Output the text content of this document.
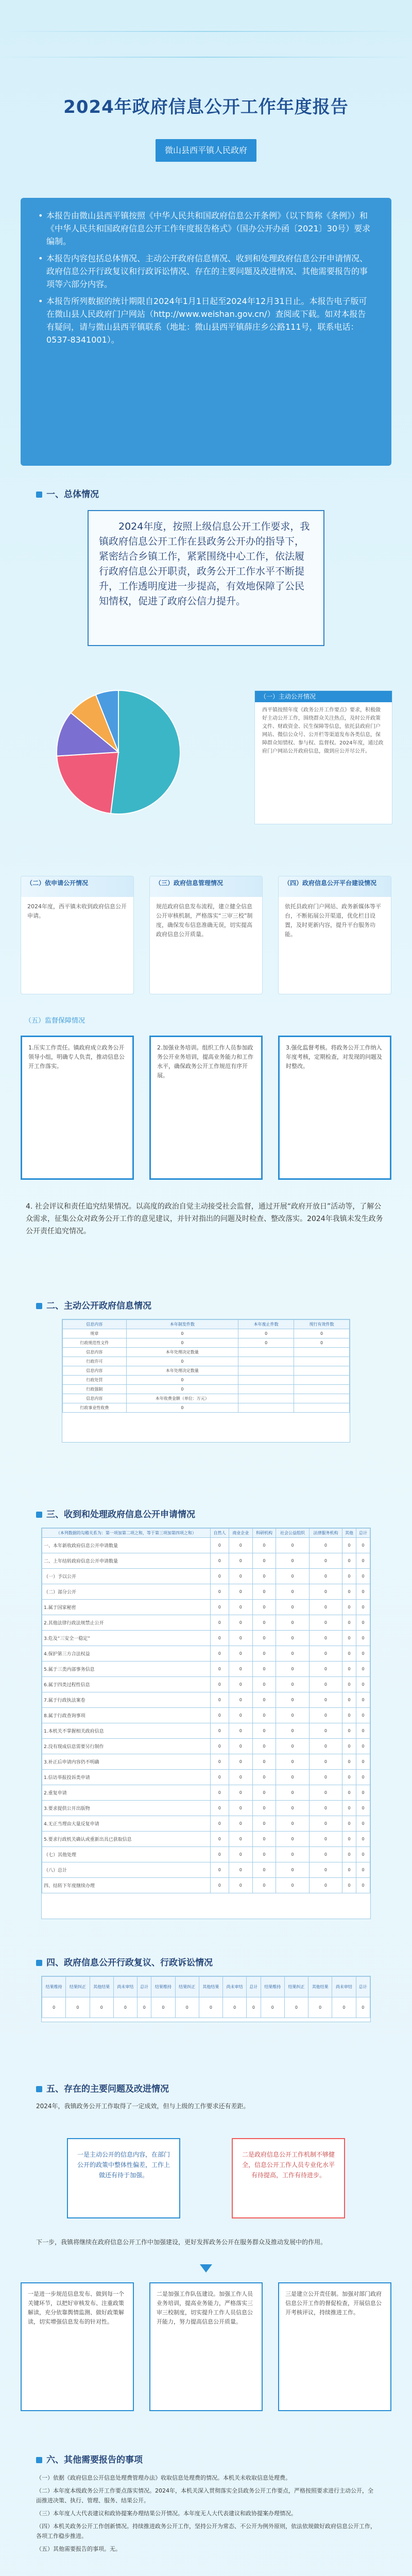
2024年政府信息公开工作年度报告
微山县西平镇人民政府
• 本报告由微山县西平镇按照《中华人民共和国政府信息公开条例》（以下简称《条例》）和《中华人民共和国政府信息公开工作年度报告格式》（国办公开办函〔2021〕30号）要求编制。
• 本报告内容包括总体情况、主动公开政府信息情况、收到和处理政府信息公开申请情况、政府信息公开行政复议和行政诉讼情况、存在的主要问题及改进情况、其他需要报告的事项等六部分内容。
• 本报告所列数据的统计期限自2024年1月1日起至2024年12月31日止。本报告电子版可在微山县人民政府门户网站（http://www.weishan.gov.cn/）查阅或下载。如对本报告有疑问，请与微山县西平镇联系（地址：微山县西平镇薛庄乡公路111号，联系电话：0537-8341001）。
一、总体情况
2024年度，按照上级信息公开工作要求，我镇政府信息公开工作在县政务公开办的指导下，紧密结合乡镇工作，紧紧围绕中心工作，依法履行政府信息公开职责，政务公开工作水平不断提升，工作透明度进一步提高，有效地保障了公民知情权，促进了政府公信力提升。
（一）主动公开情况
西平镇按照年度《政务公开工作要点》要求，积极做好主动公开工作，围绕群众关注热点，及时公开政策文件、财政资金、民生保障等信息，依托县政府门户网站、微信公众号、公开栏等渠道发布各类信息，保障群众知情权、参与权、监督权。2024年度，通过政府门户网站公开政府信息，做到应公开尽公开。
（二）依申请公开情况
2024年度，西平镇未收到政府信息公开申请。
（三）政府信息管理情况
规范政府信息发布流程，建立健全信息公开审核机制，严格落实“三审三校”制度，确保发布信息准确无误，切实提高政府信息公开质量。
（四）政府信息公开平台建设情况
依托县政府门户网站、政务新媒体等平台，不断拓展公开渠道，优化栏目设置，及时更新内容，提升平台服务功能。
（五）监督保障情况
1.压实工作责任。镇政府成立政务公开领导小组，明确专人负责，推动信息公开工作落实。
2.加强业务培训。组织工作人员参加政务公开业务培训，提高业务能力和工作水平，确保政务公开工作规范有序开展。
3.强化监督考核。将政务公开工作纳入年度考核，定期检查，对发现的问题及时整改。
4. 社会评议和责任追究结果情况。以高度的政治自觉主动接受社会监督，通过开展“政府开放日”活动等，了解公众需求，征集公众对政务公开工作的意见建议，并针对指出的问题及时检查、整改落实。2024年我镇未发生政务公开责任追究情况。
二、主动公开政府信息情况
信息内容	本年制发件数	本年废止件数	现行有效件数
规章	0	0	0
行政规范性文件	0	0	0
信息内容	本年处理决定数量		
行政许可	0		
信息内容	本年处理决定数量		
行政处罚	0		
行政强制	0		
信息内容	本年收费金额（单位：万元）		
行政事业性收费	0		
三、收到和处理政府信息公开申请情况
（本列数据的勾稽关系为：第一项加第二项之和，等于第三项加第四项之和）	自然人	商业企业	科研机构	社会公益组织	法律服务机构	其他	总计
一、本年新收政府信息公开申请数量	0	0	0	0	0	0	0
二、上年结转政府信息公开申请数量	0	0	0	0	0	0	0
（一）予以公开	0	0	0	0	0	0	0
（二）部分公开	0	0	0	0	0	0	0
1.属于国家秘密	0	0	0	0	0	0	0
2.其他法律行政法规禁止公开	0	0	0	0	0	0	0
3.危及“三安全一稳定”	0	0	0	0	0	0	0
4.保护第三方合法权益	0	0	0	0	0	0	0
5.属于三类内部事务信息	0	0	0	0	0	0	0
6.属于四类过程性信息	0	0	0	0	0	0	0
7.属于行政执法案卷	0	0	0	0	0	0	0
8.属于行政查询事项	0	0	0	0	0	0	0
1.本机关不掌握相关政府信息	0	0	0	0	0	0	0
2.没有现成信息需要另行制作	0	0	0	0	0	0	0
3.补正后申请内容仍不明确	0	0	0	0	0	0	0
1.信访举报投诉类申请	0	0	0	0	0	0	0
2.重复申请	0	0	0	0	0	0	0
3.要求提供公开出版物	0	0	0	0	0	0	0
4.无正当理由大量反复申请	0	0	0	0	0	0	0
5.要求行政机关确认或重新出具已获取信息	0	0	0	0	0	0	0
（七）其他处理	0	0	0	0	0	0	0
（八）总计	0	0	0	0	0	0	0
四、结转下年度继续办理	0	0	0	0	0	0	0
四、政府信息公开行政复议、行政诉讼情况
结果维持	结果纠正	其他结果	尚未审结	总计	结果维持	结果纠正	其他结果	尚未审结	总计	结果维持	结果纠正	其他结果	尚未审结	总计
0	0	0	0	0	0	0	0	0	0	0	0	0	0	0
五、存在的主要问题及改进情况
2024年，我镇政务公开工作取得了一定成效，但与上级的工作要求还有差距。
一是主动公开的信息内容，在部门公开的政策中整体性偏差，工作上做还有待于加强。
二是政府信息公开工作机制不够健全，信息公开工作人员专业化水平有待提高，工作有待进步。
下一步，我镇将继续在政府信息公开工作中加强建设，更好发挥政务公开在服务群众及推动发展中的作用。
一是进一步规范信息发布、做到每一个关键环节，以把好审核发布、注重政策解读，充分依靠舆情监测、做好政策解读，切实增强信息发布的针对性。
二是加强工作队伍建设。加强工作人员业务培训，提高业务能力，严格落实三审三校制度，切实提升工作人员信息公开能力，努力提高信息公开质量。
三是建立公开责任制。加强对部门政府信息公开工作的督促检查，开展信息公开考核评议，持续推进工作。
六、其他需要报告的事项
（一）依据《政府信息公开信息处理费管理办法》收取信息处理费的情况。本机关未收取信息处理费。
（二）本年度本级政务公开工作要点落实情况。2024年，本机关深入贯彻落实全县政务公开工作要点，严格按照要求进行主动公开，全面推进决策、执行、管理、服务、结果公开。
（三）本年度人大代表建议和政协提案办理结果公开情况。本年度无人大代表建议和政协提案办理情况。
（四）本机关政务公开工作创新情况。持续推进政务公开工作，坚持公开为常态、不公开为例外原则，依法依规做好政府信息公开工作，各项工作稳步推进。
（五）其他需要报告的事项。无。
